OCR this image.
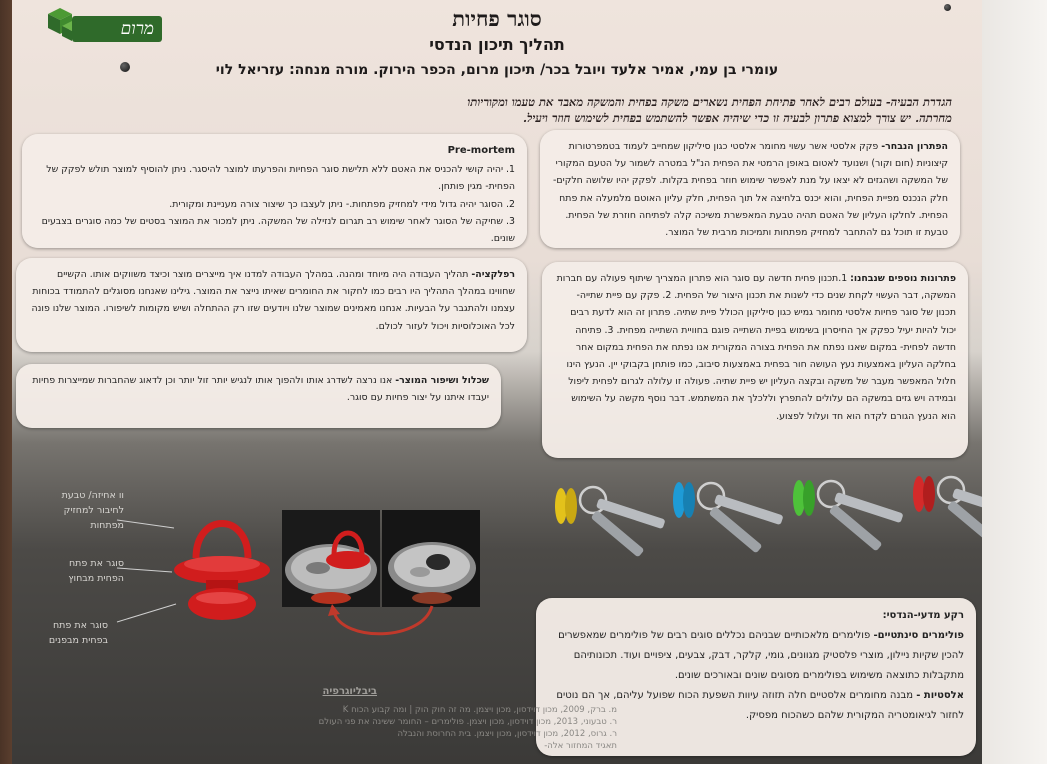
מרום	סוגר פחיות
תהליך תיכון הנדסי
עומרי בן עמי, אמיר אלעד ויובל בכר/ תיכון מרום, הכפר הירוק. מורה מנחה: עזריאל לוי
הגדרת הבעיה- בעולם רבים לאחר פתיחת הפחית נשארים משקה בפחית והמשקה מאבד את טעמו ומקוריותו
מחרתה. יש צורך למצוא פתרון לבעיה זו כדי שיהיה אפשר להשתמש בפחית לשימוש חוזר ויעיל.

הפתרון הנבחר- פקק אלסטי אשר עשוי מחומר אלסטי כגון סיליקון שמחייב לעמוד בטמפרטורות קיצוניות (חום וקור) ושנועד לאטום באופן הרמטי את הפחית הנ"ל במטרה לשמור על הטעם המקורי של המשקה ושהגזים לא יצאו על מנת לאפשר שימוש חוזר בפחית בקלות. לפקק יהיו שלושה חלקים- חלק הנכנס מפיית הפחית, והוא יכנס בלחיצה אל תוך הפחית, חלק עליון האוטם מלמעלה את פתח הפחית. לחלקו העליון של האטם תהיה טבעת המאפשרת משיכה קלה לפתיחה חוזרת של הפחית. טבעת זו תוכל גם להתחבר למחזיק מפתחות ותמיכות מרבית של המוצר.

Pre-mortem

1. יהיה קושי להכניס את האטם ללא תלישת סוגר הפחיות והפרעתו למוצר להיסגר. ניתן להוסיף למוצר תולש לפקק של הפחית- מגין פותחן.

2. הסוגר יהיה גדול מידי למחזיק מפתחות.- ניתן לעצבו כך שיצור צורה מעניינת ומקורית.

3. שחיקה של הסוגר לאחר שימוש רב תגרום לנזילה של המשקה. ניתן למכור את המוצר בסטים של כמה סוגרים בצבעים שונים.

רפלקציה- תהליך העבודה היה מיוחד ומהנה. במהלך העבודה למדנו איך מייצרים מוצר וכיצד משווקים אותו. הקשיים שחווינו במהלך התהליך היו רבים כמו לחקור את החומרים שאיתו נייצר את המוצר. גילינו שאנחנו מסוגלים להתמודד בכוחות עצמנו ולהתגבר על הבעיות. אנחנו מאמינים שמוצר שלנו ויודעים שזו רק ההתחלה ושיש מקומות לשיפורו. המוצר שלנו פונה לכל האוכלוסיות ויכול לעזור לכולם.

שכלול ושיפור המוצר- אנו נרצה לשדרג אותו ולהפוך אותו לנגיש יותר זול יותר וכן לדאוג שהחברות שמייצרות פחיות יעבדו איתנו על יצור פחיות עם סוגר.

פתרונות נוספים שנבחנו: 1.תכנון פחית חדשה עם סוגר הוא פתרון המצריך שיתוף פעולה עם חברות המשקה, דבר העשוי לקחת שנים כדי לשנות את תכנון היצור של הפחית. 2. פקק עם פיית שתייה- תכנון של סוגר פחיות אלסטי מחומר גמיש כגון סיליקון הכולל פיית שתיה. פתרון זה הוא לדעת רבים יכול להיות יעיל כפקק אך החיסרון בשימוש בפיית השתייה פוגם בחוויית השתייה מפחית. 3. פתיחה חדשה לפחית- במקום שאנו נפתח את הפחית בצורה המקורית אנו נפתח את הפחית במקום אחר בחלקה העליון באמצעות נעץ העושה חור בפחית באמצעות סיבוב, כמו פותחן בקבוקי יין. הנעץ הינו חלול המאפשר מעבר של משקה ובקצה העליון יש פיית שתיה. פעולה זו עלולה לגרום לפחית ליפול ובמידה ויש גזים במשקה הם עלולים להתפרץ וללכלך את המשתמש. דבר נוסף מקשה על השימוש הוא הנעץ הגורם לקדח הוא חד ועלול לפצוע.

רקע מדעי-הנדסי:

פולימרים סינתטיים- פולימרים מלאכותיים שבניהם נכללים סוגים רבים של פולימרים שמאפשרים להכין שקיות ניילון, מוצרי פלסטיק מגוונים, גומי, קלקר, דבק, צבעים, ציפויים ועוד. תכונותיהם מתקבלות כתוצאה משימוש בפולימרים מסוגים שונים ובאורכים שונים.

אלסטיות - מבנה מחומרים אלסטיים חלה תזוזה עיוות השפעת הכוח שפועל עליהם, אך הם נוטים לחזור לגיאומטריה המקורית שלהם כשהכוח מפסיק.

וו אחיזה/ טבעת לחיבור למחזיק מפתחות
סוגר את פתח הפחית מבחוץ
סוגר את פתח בפחית מבפנים
ביבליוגרפיה
מ. ברק, 2009, מכון דוידסון, מכון ויצמן. מה זה חוק הוק | ומה קבוע הכוח K
ר. טבעוני, 2013, מכון דוידסון, מכון ויצמן. פולימרים – החומר ששינה את פני העולם
ר. גרוס, 2012, מכון דוידסון, מכון ויצמן. בית החרוסת והנבלה
תאגיד המחזור אלה-
